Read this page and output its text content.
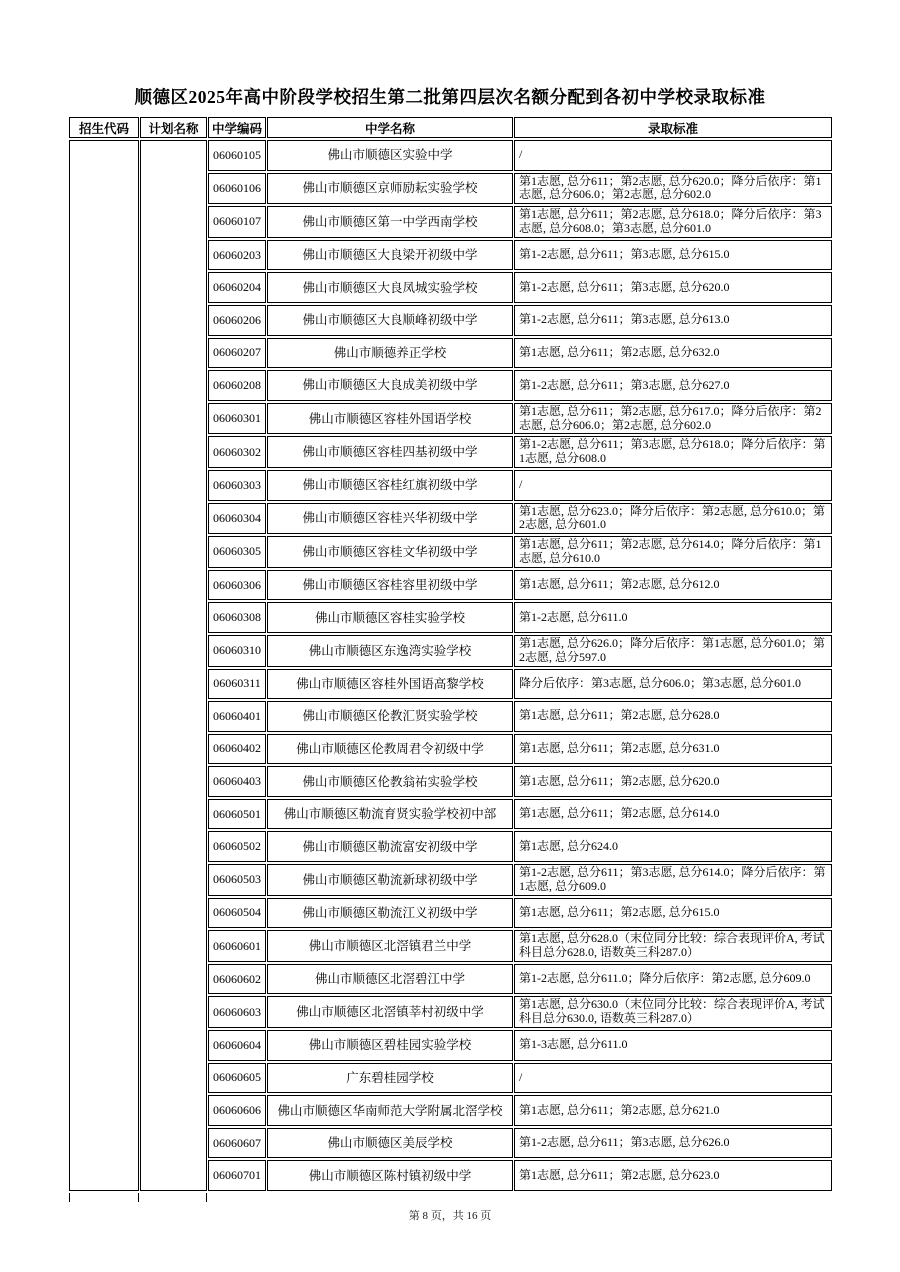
顺德区2025年高中阶段学校招生第二批第四层次名额分配到各初中学校录取标准
招生代码	计划名称	中学编码	中学名称	录取标准
		06060105	佛山市顺德区实验中学	/
		06060106	佛山市顺德区京师励耘实验学校	第1志愿, 总分611；第2志愿, 总分620.0；降分后依序：第1志愿, 总分606.0；第2志愿, 总分602.0
		06060107	佛山市顺德区第一中学西南学校	第1志愿, 总分611；第2志愿, 总分618.0；降分后依序：第3志愿, 总分608.0；第3志愿, 总分601.0
		06060203	佛山市顺德区大良梁开初级中学	第1-2志愿, 总分611；第3志愿, 总分615.0
		06060204	佛山市顺德区大良凤城实验学校	第1-2志愿, 总分611；第3志愿, 总分620.0
		06060206	佛山市顺德区大良顺峰初级中学	第1-2志愿, 总分611；第3志愿, 总分613.0
		06060207	佛山市顺德养正学校	第1志愿, 总分611；第2志愿, 总分632.0
		06060208	佛山市顺德区大良成美初级中学	第1-2志愿, 总分611；第3志愿, 总分627.0
		06060301	佛山市顺德区容桂外国语学校	第1志愿, 总分611；第2志愿, 总分617.0；降分后依序：第2志愿, 总分606.0；第2志愿, 总分602.0
		06060302	佛山市顺德区容桂四基初级中学	第1-2志愿, 总分611；第3志愿, 总分618.0；降分后依序：第1志愿, 总分608.0
		06060303	佛山市顺德区容桂红旗初级中学	/
		06060304	佛山市顺德区容桂兴华初级中学	第1志愿, 总分623.0；降分后依序：第2志愿, 总分610.0；第2志愿, 总分601.0
		06060305	佛山市顺德区容桂文华初级中学	第1志愿, 总分611；第2志愿, 总分614.0；降分后依序：第1志愿, 总分610.0
		06060306	佛山市顺德区容桂容里初级中学	第1志愿, 总分611；第2志愿, 总分612.0
		06060308	佛山市顺德区容桂实验学校	第1-2志愿, 总分611.0
		06060310	佛山市顺德区东逸湾实验学校	第1志愿, 总分626.0；降分后依序：第1志愿, 总分601.0；第2志愿, 总分597.0
		06060311	佛山市顺德区容桂外国语高黎学校	降分后依序：第3志愿, 总分606.0；第3志愿, 总分601.0
		06060401	佛山市顺德区伦教汇贤实验学校	第1志愿, 总分611；第2志愿, 总分628.0
		06060402	佛山市顺德区伦教周君令初级中学	第1志愿, 总分611；第2志愿, 总分631.0
		06060403	佛山市顺德区伦教翁祐实验学校	第1志愿, 总分611；第2志愿, 总分620.0
		06060501	佛山市顺德区勒流育贤实验学校初中部	第1志愿, 总分611；第2志愿, 总分614.0
		06060502	佛山市顺德区勒流富安初级中学	第1志愿, 总分624.0
		06060503	佛山市顺德区勒流新球初级中学	第1-2志愿, 总分611；第3志愿, 总分614.0；降分后依序：第1志愿, 总分609.0
		06060504	佛山市顺德区勒流江义初级中学	第1志愿, 总分611；第2志愿, 总分615.0
		06060601	佛山市顺德区北滘镇君兰中学	第1志愿, 总分628.0（末位同分比较：综合表现评价A, 考试科目总分628.0, 语数英三科287.0）
		06060602	佛山市顺德区北滘碧江中学	第1-2志愿, 总分611.0；降分后依序：第2志愿, 总分609.0
		06060603	佛山市顺德区北滘镇莘村初级中学	第1志愿, 总分630.0（末位同分比较：综合表现评价A, 考试科目总分630.0, 语数英三科287.0）
		06060604	佛山市顺德区碧桂园实验学校	第1-3志愿, 总分611.0
		06060605	广东碧桂园学校	/
		06060606	佛山市顺德区华南师范大学附属北滘学校	第1志愿, 总分611；第2志愿, 总分621.0
		06060607	佛山市顺德区美辰学校	第1-2志愿, 总分611；第3志愿, 总分626.0
		06060701	佛山市顺德区陈村镇初级中学	第1志愿, 总分611；第2志愿, 总分623.0
第 8 页，共 16 页
